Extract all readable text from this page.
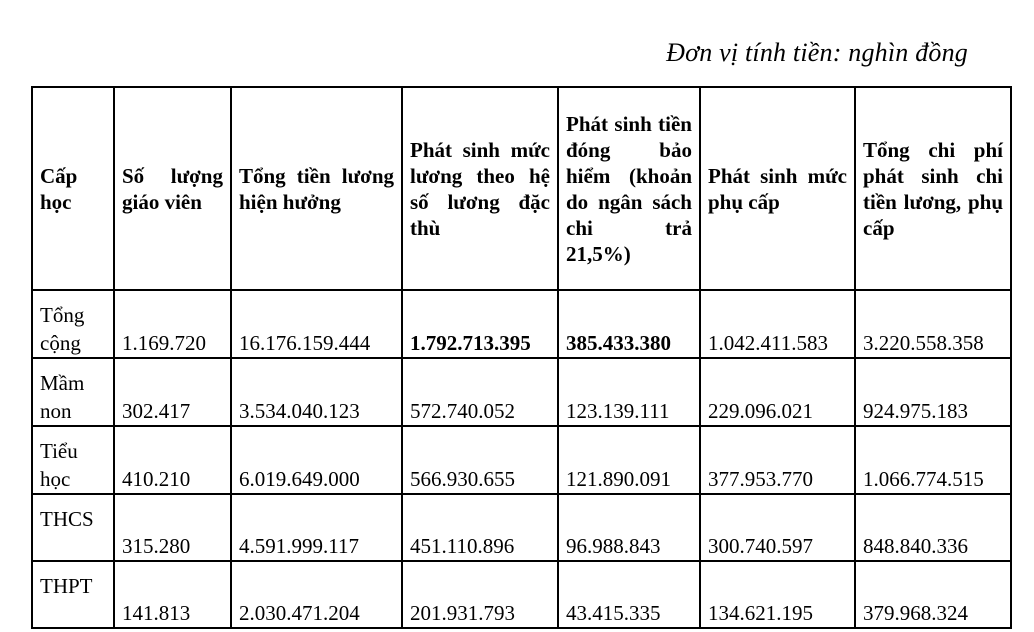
Đơn vị tính tiền: nghìn đồng
Cấp học	Số lượng giáo viên	Tổng tiền lương hiện hưởng	Phát sinh mức lương theo hệ số lương đặc thù	Phát sinh tiền đóng bảo hiểm (khoản do ngân sách chi trả 21,5%)	Phát sinh mức phụ cấp	Tổng chi phí phát sinh chi tiền lương, phụ cấp
Tổng cộng	1.169.720	16.176.159.444	1.792.713.395	385.433.380	1.042.411.583	3.220.558.358
Mầm non	302.417	3.534.040.123	572.740.052	123.139.111	229.096.021	924.975.183
Tiểu học	410.210	6.019.649.000	566.930.655	121.890.091	377.953.770	1.066.774.515
THCS	315.280	4.591.999.117	451.110.896	96.988.843	300.740.597	848.840.336
THPT	141.813	2.030.471.204	201.931.793	43.415.335	134.621.195	379.968.324
